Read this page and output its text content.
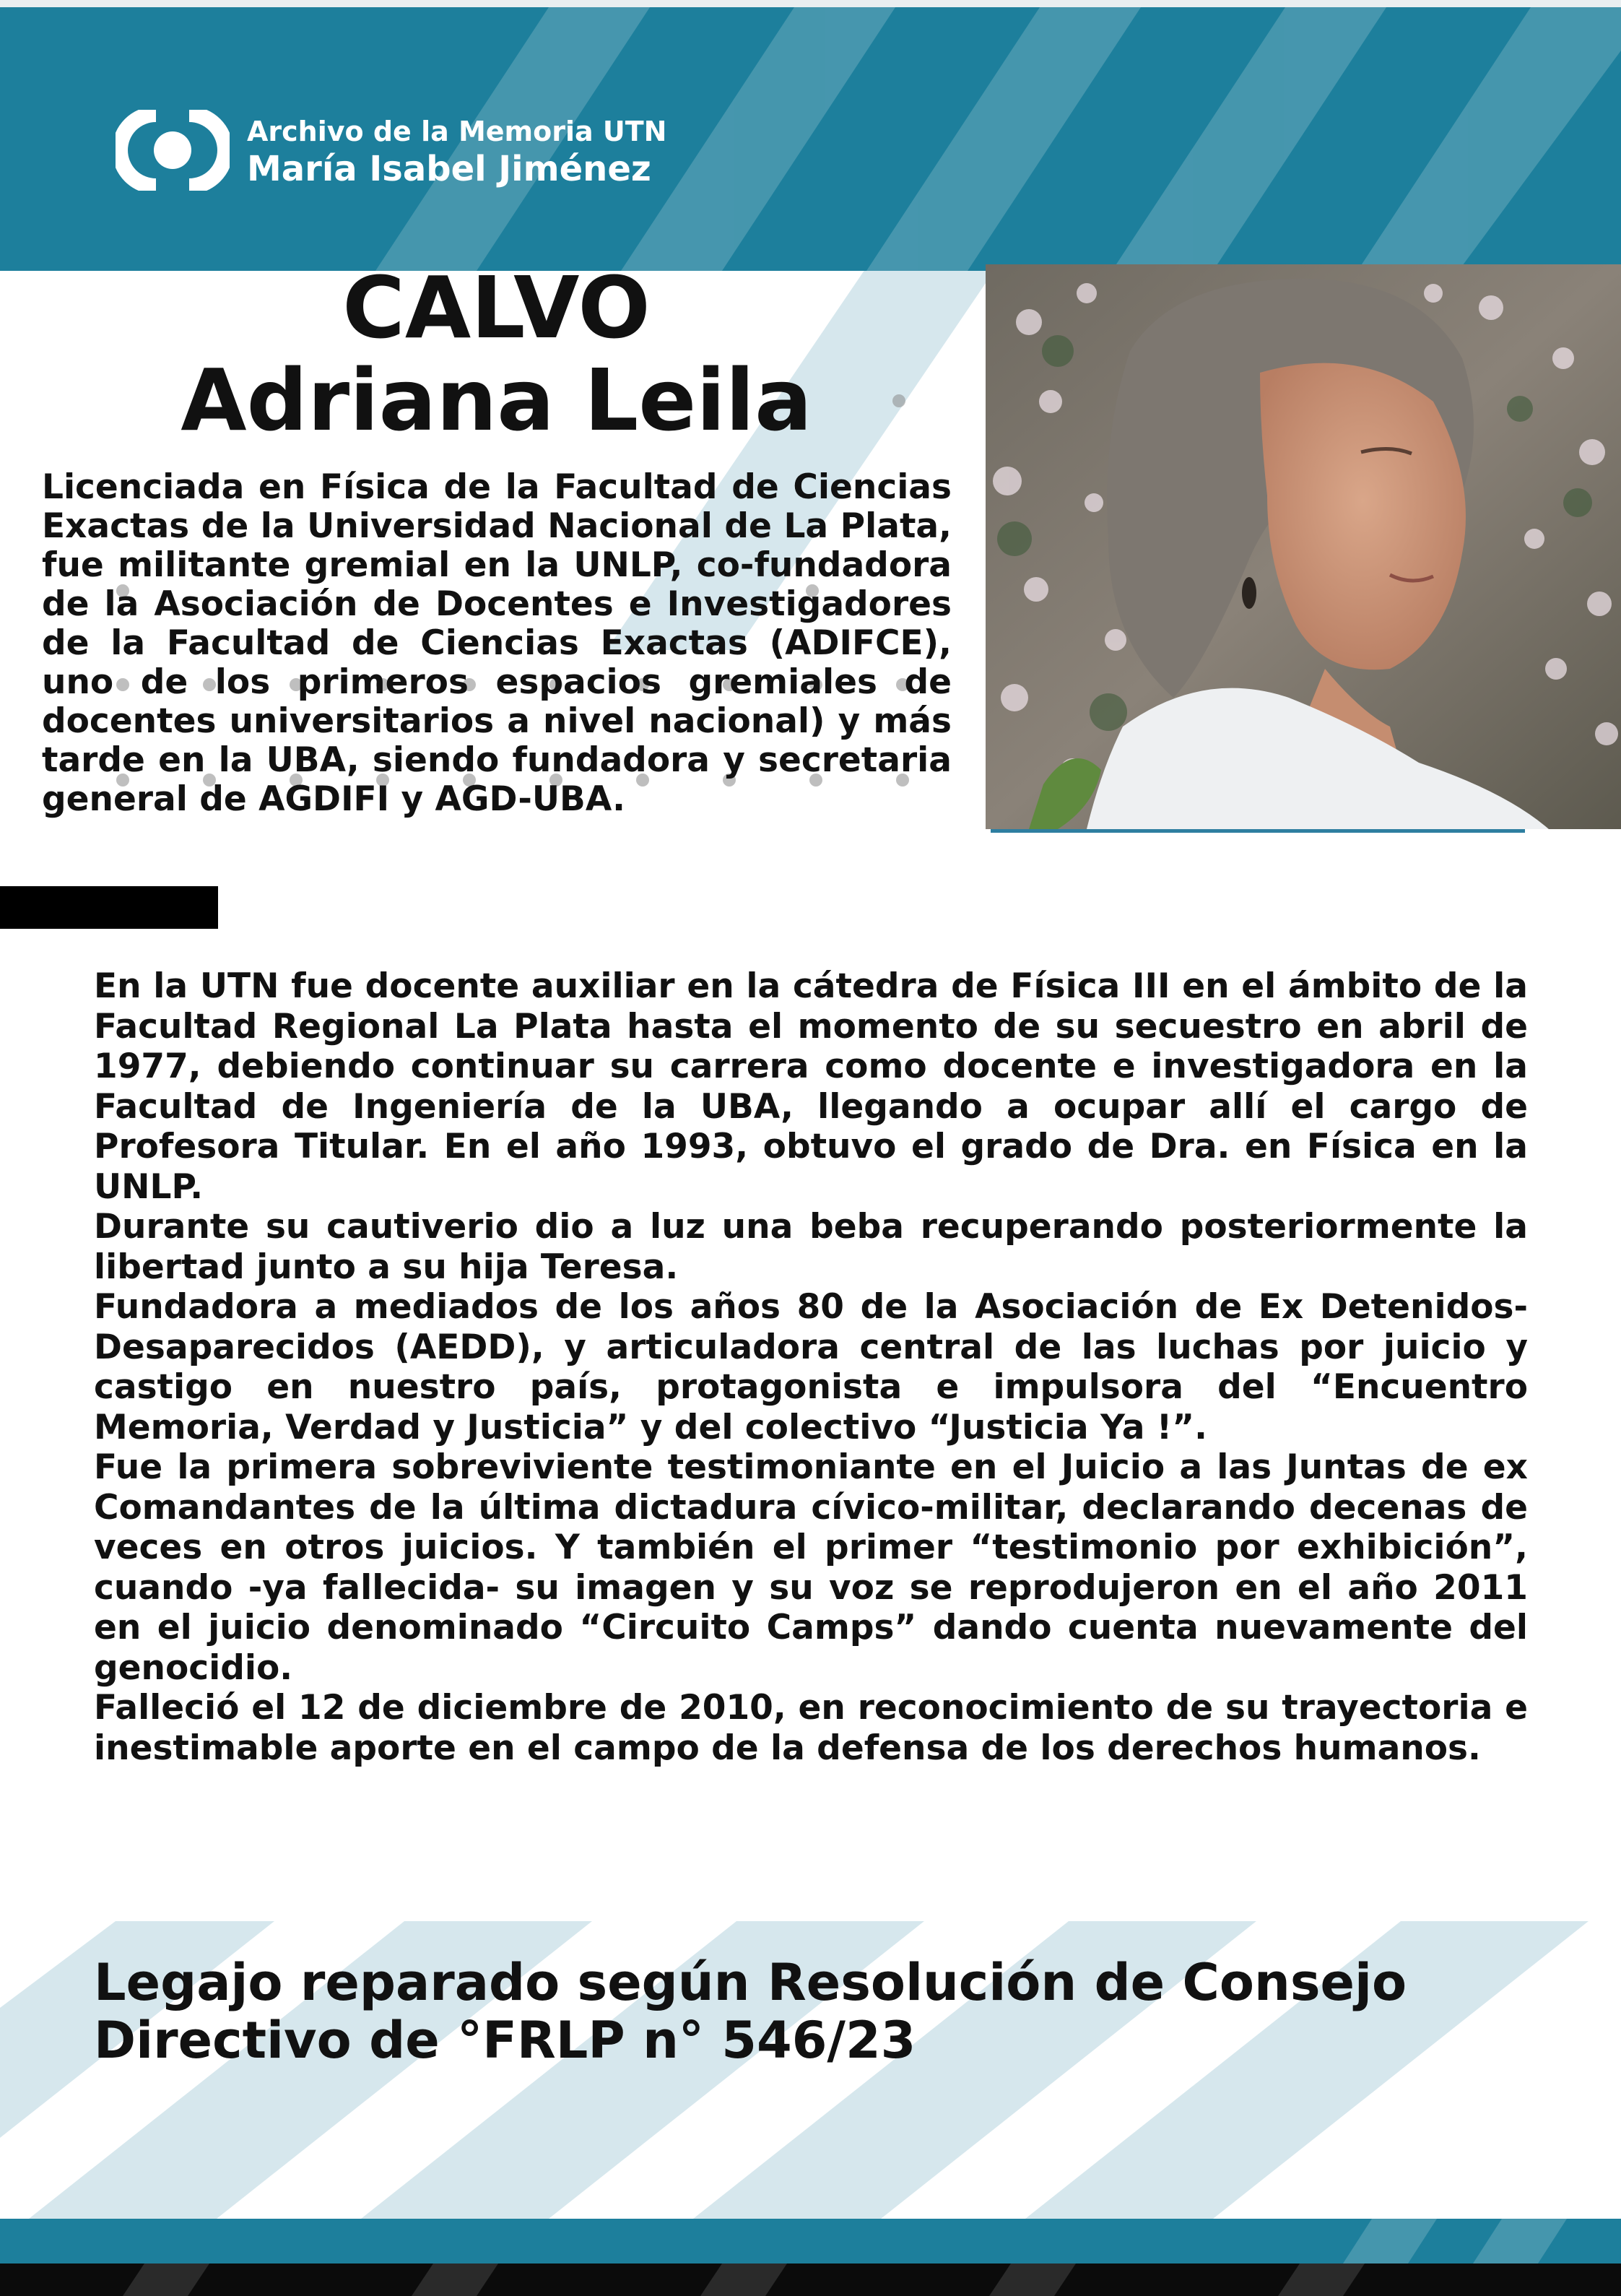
Archivo de la Memoria UTN
María Isabel Jiménez
CALVO
Adriana Leila
Licenciada en Física de la Facultad de Ciencias Exactas de la Universidad Nacional de La Plata, fue militante gremial en la UNLP, co-fundadora de la Asociación de Docentes e Investigadores de la Facultad de Ciencias Exactas (ADIFCE), uno de los primeros espacios gremiales de docentes universitarios a nivel nacional) y más tarde en la UBA, siendo fundadora y secretaria general de AGDIFI y AGD-UBA.

En la UTN fue docente auxiliar en la cátedra de Física III en el ámbito de la Facultad Regional La Plata hasta el momento de su secuestro en abril de 1977, debiendo continuar su carrera como docente e investigadora en la Facultad de Ingeniería de la UBA, llegando a ocupar allí el cargo de Profesora Titular. En el año 1993, obtuvo el grado de Dra. en Física en la UNLP.

Durante su cautiverio dio a luz una beba recuperando posteriormente la libertad junto a su hija Teresa.

Fundadora a mediados de los años 80 de la Asociación de Ex Detenidos-Desaparecidos (AEDD), y articuladora central de las luchas por juicio y castigo en nuestro país, protagonista e impulsora del “Encuentro Memoria, Verdad y Justicia” y del colectivo “Justicia Ya !”.

Fue la primera sobreviviente testimoniante en el Juicio a las Juntas de ex Comandantes de la última dictadura cívico-militar, declarando decenas de veces en otros juicios. Y también el primer “testimonio por exhibición”, cuando -ya fallecida- su imagen y su voz se reprodujeron en el año 2011 en el juicio denominado “Circuito Camps” dando cuenta nuevamente del genocidio.

Falleció el 12 de diciembre de 2010, en reconocimiento de su trayectoria e inestimable aporte en el campo de la defensa de los derechos humanos.

Legajo reparado según Resolución de Consejo
Directivo de °FRLP n° 546/23
